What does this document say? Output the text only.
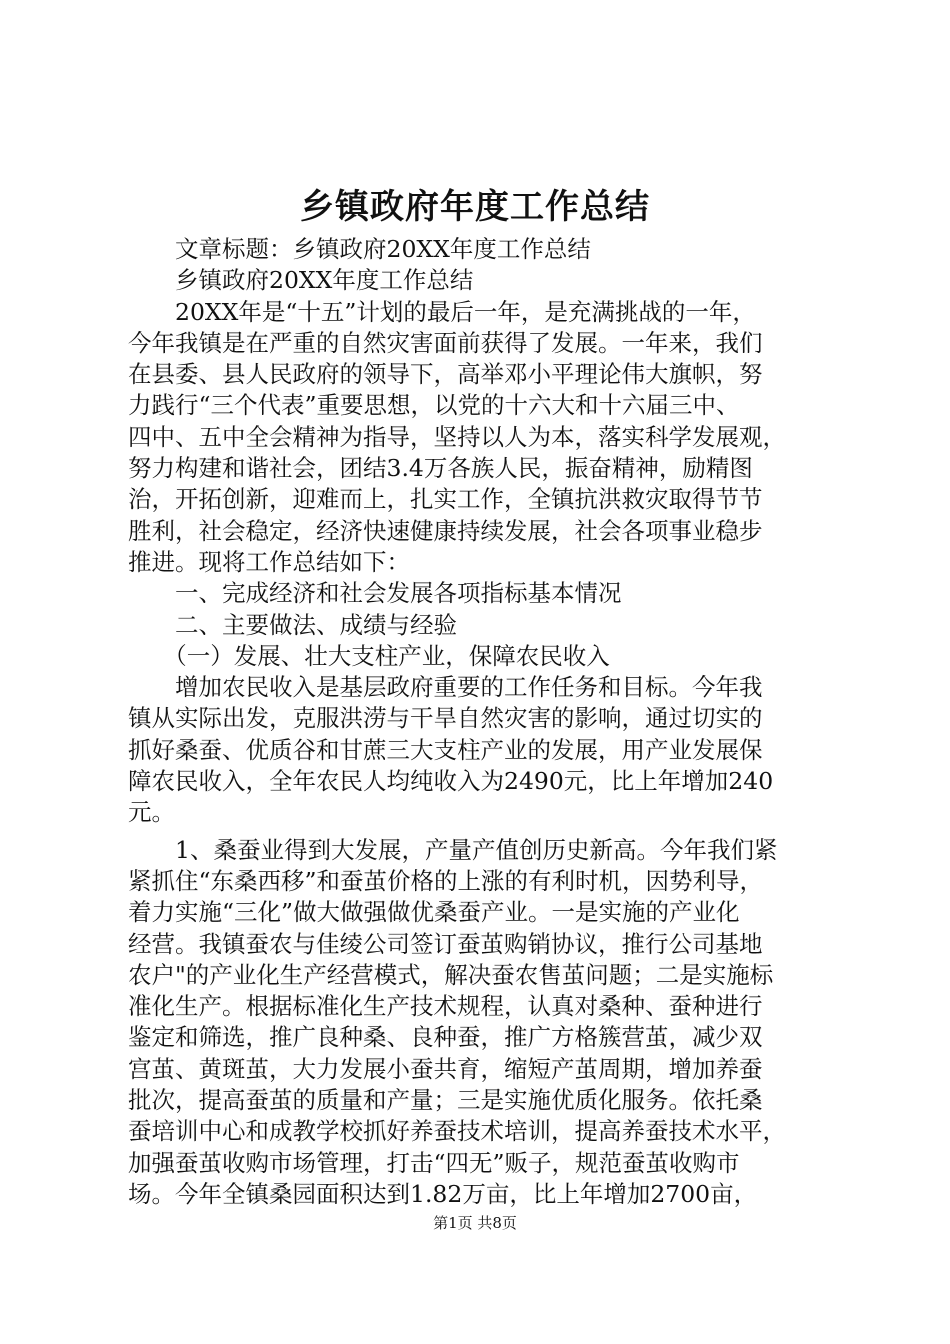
乡镇政府年度工作总结
　　文章标题：乡镇政府20XX年度工作总结
　　乡镇政府20XX年度工作总结
　　20XX年是“十五”计划的最后一年，是充满挑战的一年，
今年我镇是在严重的自然灾害面前获得了发展。一年来，我们
在县委、县人民政府的领导下，高举邓小平理论伟大旗帜，努
力践行“三个代表”重要思想，以党的十六大和十六届三中、
四中、五中全会精神为指导，坚持以人为本，落实科学发展观，
努力构建和谐社会，团结3.4万各族人民，振奋精神，励精图
治，开拓创新，迎难而上，扎实工作，全镇抗洪救灾取得节节
胜利，社会稳定，经济快速健康持续发展，社会各项事业稳步
推进。现将工作总结如下：
　　一、完成经济和社会发展各项指标基本情况
　　二、主要做法、成绩与经验
　　（一）发展、壮大支柱产业，保障农民收入
　　增加农民收入是基层政府重要的工作任务和目标。今年我
镇从实际出发，克服洪涝与干旱自然灾害的影响，通过切实的
抓好桑蚕、优质谷和甘蔗三大支柱产业的发展，用产业发展保
障农民收入，全年农民人均纯收入为2490元，比上年增加240
元。
　　1、桑蚕业得到大发展，产量产值创历史新高。今年我们紧
紧抓住“东桑西移”和蚕茧价格的上涨的有利时机，因势利导，
着力实施“三化”做大做强做优桑蚕产业。一是实施的产业化
经营。我镇蚕农与佳绫公司签订蚕茧购销协议，推行公司基地
农户"的产业化生产经营模式，解决蚕农售茧问题；二是实施标
准化生产。根据标准化生产技术规程，认真对桑种、蚕种进行
鉴定和筛选，推广良种桑、良种蚕，推广方格簇营茧，减少双
宫茧、黄斑茧，大力发展小蚕共育，缩短产茧周期，增加养蚕
批次，提高蚕茧的质量和产量；三是实施优质化服务。依托桑
蚕培训中心和成教学校抓好养蚕技术培训，提高养蚕技术水平，
加强蚕茧收购市场管理，打击“四无”贩子，规范蚕茧收购市
场。今年全镇桑园面积达到1.82万亩，比上年增加2700亩，
第1页 共8页
